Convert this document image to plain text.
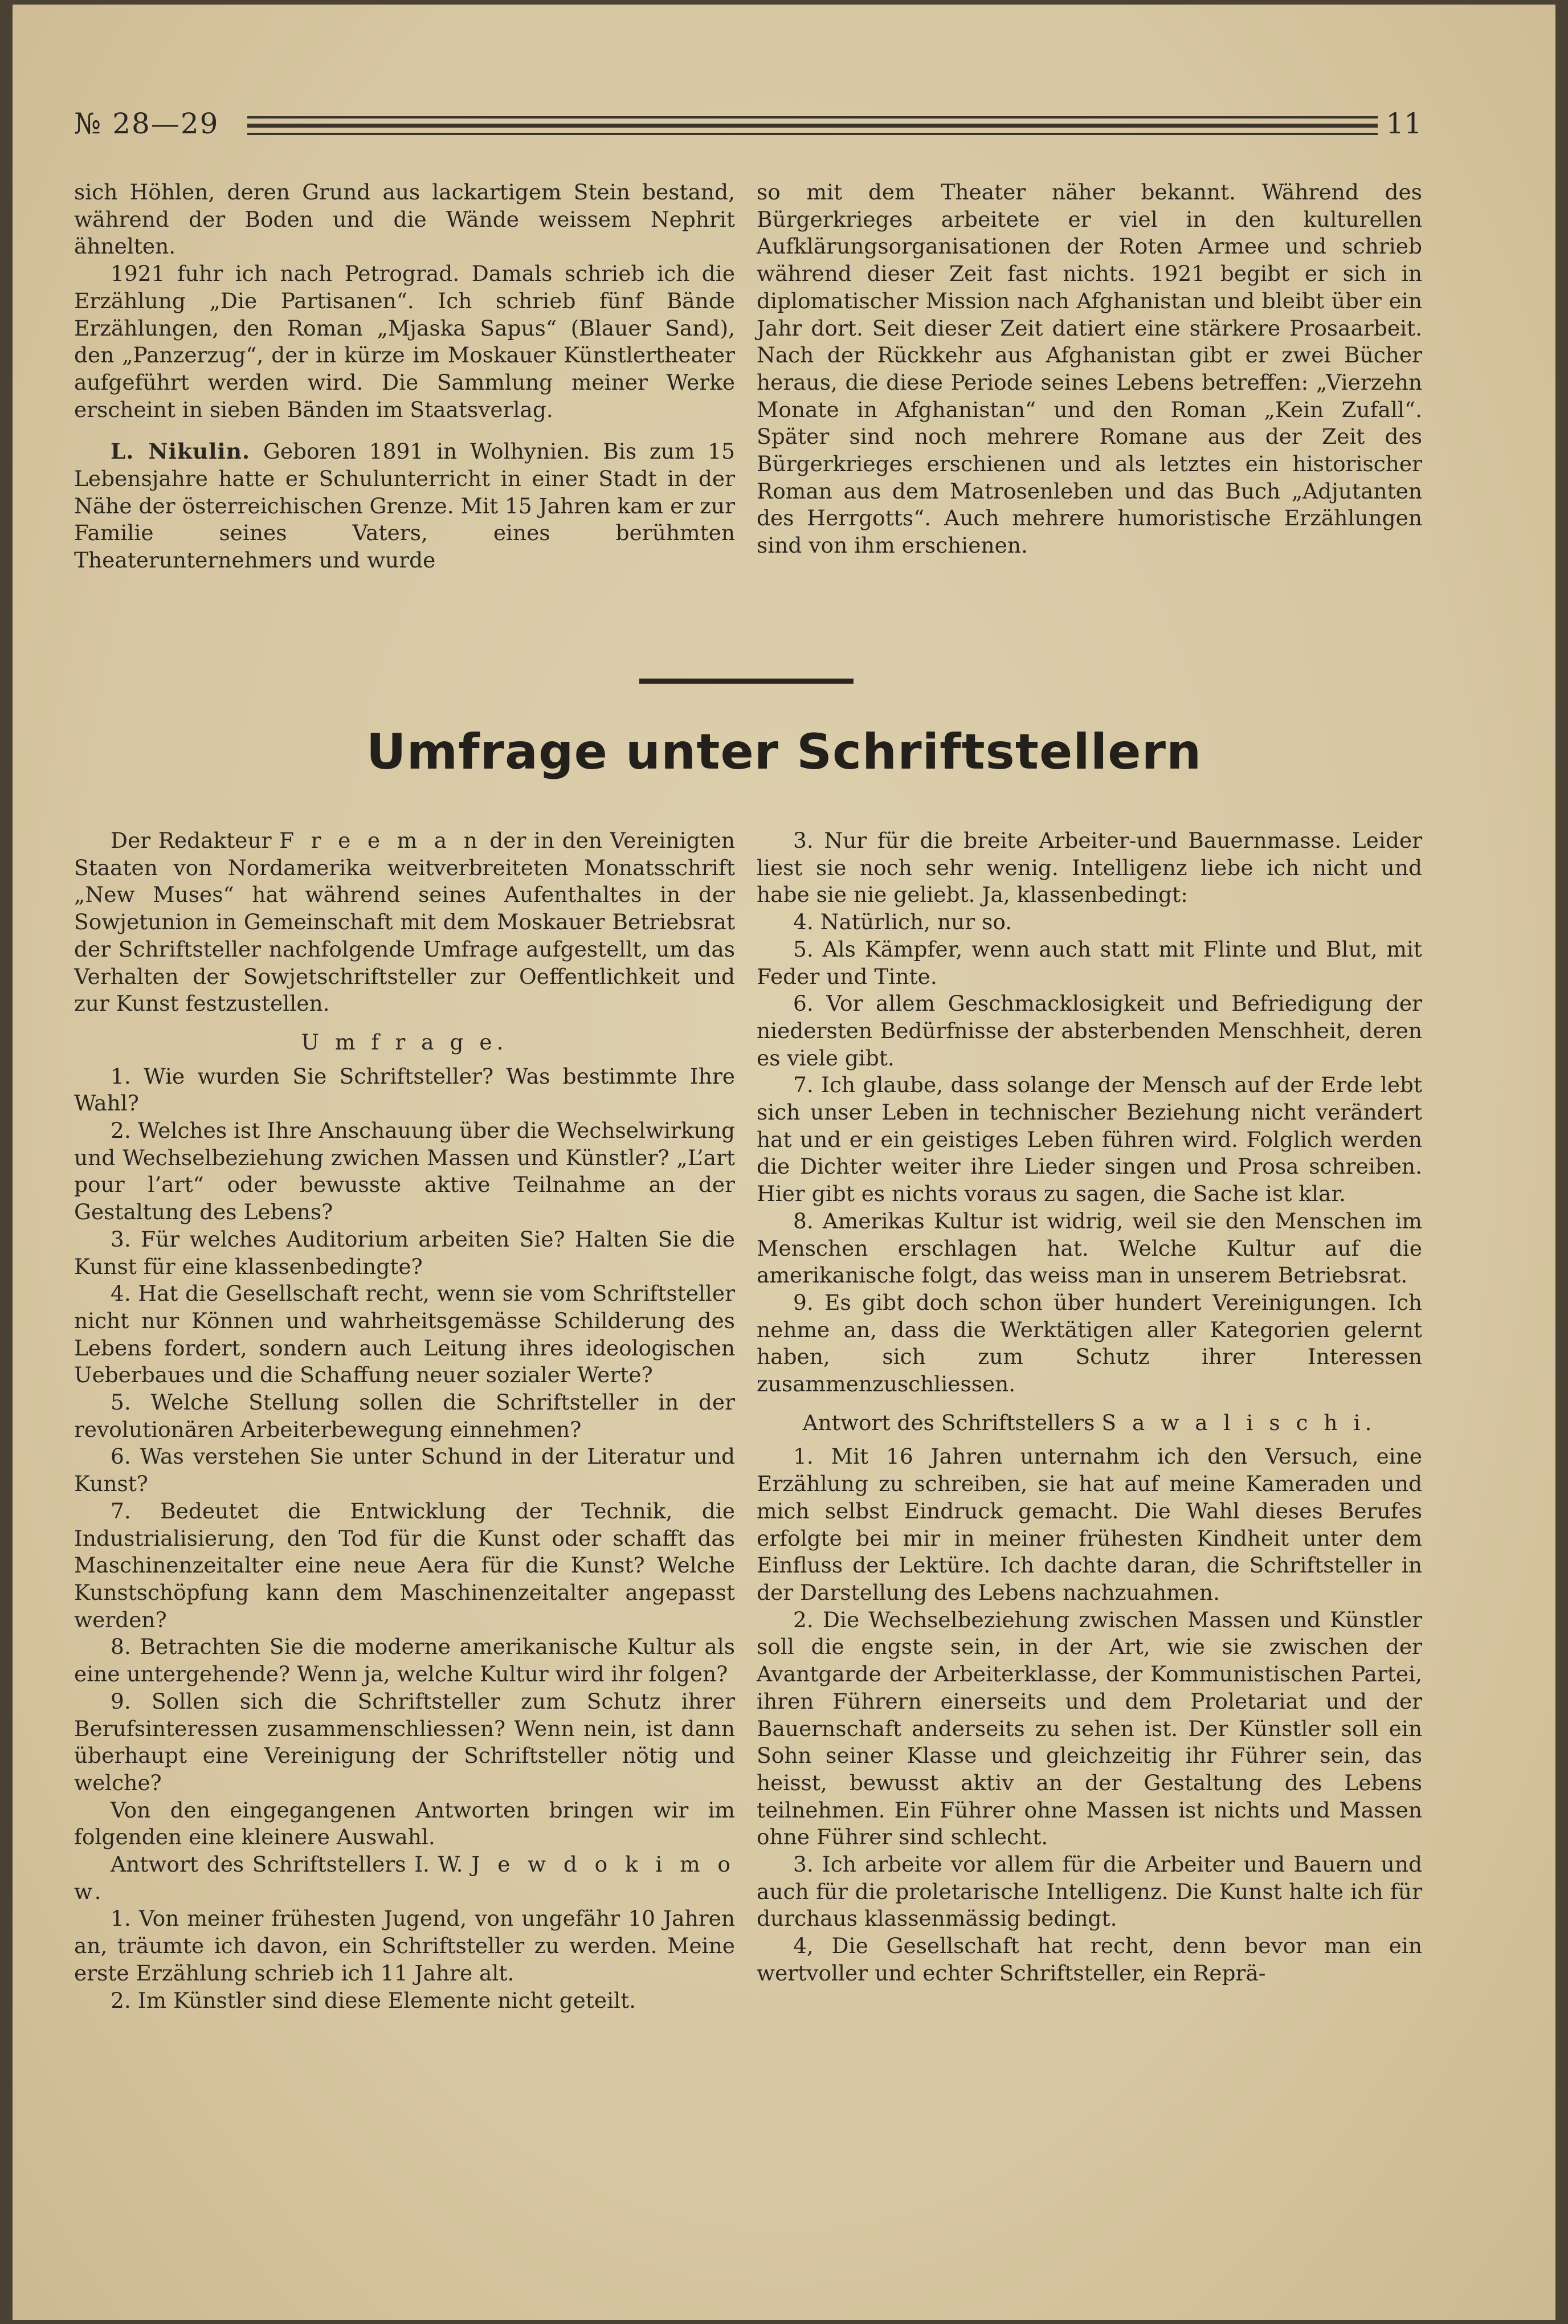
№ 28—29	11

sich Höhlen, deren Grund aus lackartigem Stein bestand, während der Boden und die Wände weissem Nephrit ähnelten.

1921 fuhr ich nach Petrograd. Damals schrieb ich die Erzählung „Die Partisanen“. Ich schrieb fünf Bände Erzählungen, den Roman „Mjaska Sapus“ (Blauer Sand), den „Panzerzug“, der in kürze im Moskauer Künstlertheater aufgeführt werden wird. Die Sammlung meiner Werke erscheint in sieben Bänden im Staatsverlag.

L. Nikulin. Geboren 1891 in Wolhynien. Bis zum 15 Lebensjahre hatte er Schulunterricht in einer Stadt in der Nähe der österreichischen Grenze. Mit 15 Jahren kam er zur Familie seines Vaters, eines berühmten Theaterunternehmers und wurde

so mit dem Theater näher bekannt. Während des Bürgerkrieges arbeitete er viel in den kulturellen Aufklärungsorganisationen der Roten Armee und schrieb während dieser Zeit fast nichts. 1921 begibt er sich in diplomatischer Mission nach Afghanistan und bleibt über ein Jahr dort. Seit dieser Zeit datiert eine stärkere Prosaarbeit. Nach der Rückkehr aus Afghanistan gibt er zwei Bücher heraus, die diese Periode seines Lebens betreffen: „Vierzehn Monate in Afghanistan“ und den Roman „Kein Zufall“. Später sind noch mehrere Romane aus der Zeit des Bürgerkrieges erschienen und als letztes ein historischer Roman aus dem Matrosenleben und das Buch „Adjutanten des Herrgotts“. Auch mehrere humoristische Erzählungen sind von ihm erschienen.

Umfrage unter Schriftstellern

Der Redakteur F r e e m a n der in den Vereinigten Staaten von Nordamerika weitverbreiteten Monatsschrift „New Muses“ hat während seines Aufenthaltes in der Sowjetunion in Gemeinschaft mit dem Moskauer Betriebsrat der Schriftsteller nachfolgende Umfrage aufgestellt, um das Verhalten der Sowjetschriftsteller zur Oeffentlichkeit und zur Kunst festzustellen.

U m f r a g e.

1. Wie wurden Sie Schriftsteller? Was bestimmte Ihre Wahl?

2. Welches ist Ihre Anschauung über die Wechselwirkung und Wechselbeziehung zwichen Massen und Künstler? „L’art pour l’art“ oder bewusste aktive Teilnahme an der Gestaltung des Lebens?

3. Für welches Auditorium arbeiten Sie? Halten Sie die Kunst für eine klassenbedingte?

4. Hat die Gesellschaft recht, wenn sie vom Schriftsteller nicht nur Können und wahrheitsgemässe Schilderung des Lebens fordert, sondern auch Leitung ihres ideologischen Ueberbaues und die Schaffung neuer sozialer Werte?

5. Welche Stellung sollen die Schriftsteller in der revolutionären Arbeiterbewegung einnehmen?

6. Was verstehen Sie unter Schund in der Literatur und Kunst?

7. Bedeutet die Entwicklung der Technik, die Industrialisierung, den Tod für die Kunst oder schafft das Maschinenzeitalter eine neue Aera für die Kunst? Welche Kunstschöpfung kann dem Maschinenzeitalter angepasst werden?

8. Betrachten Sie die moderne amerikanische Kultur als eine untergehende? Wenn ja, welche Kultur wird ihr folgen?

9. Sollen sich die Schriftsteller zum Schutz ihrer Berufsinteressen zusammenschliessen? Wenn nein, ist dann überhaupt eine Vereinigung der Schriftsteller nötig und welche?

Von den eingegangenen Antworten bringen wir im folgenden eine kleinere Auswahl.

Antwort des Schriftstellers I. W. J e w d o k i m o w.

1. Von meiner frühesten Jugend, von ungefähr 10 Jahren an, träumte ich davon, ein Schriftsteller zu werden. Meine erste Erzählung schrieb ich 11 Jahre alt.

2. Im Künstler sind diese Elemente nicht geteilt.

3. Nur für die breite Arbeiter-und Bauernmasse. Leider liest sie noch sehr wenig. Intelligenz liebe ich nicht und habe sie nie geliebt. Ja, klassenbedingt:

4. Natürlich, nur so.

5. Als Kämpfer, wenn auch statt mit Flinte und Blut, mit Feder und Tinte.

6. Vor allem Geschmacklosigkeit und Befriedigung der niedersten Bedürfnisse der absterbenden Menschheit, deren es viele gibt.

7. Ich glaube, dass solange der Mensch auf der Erde lebt sich unser Leben in technischer Beziehung nicht verändert hat und er ein geistiges Leben führen wird. Folglich werden die Dichter weiter ihre Lieder singen und Prosa schreiben. Hier gibt es nichts voraus zu sagen, die Sache ist klar.

8. Amerikas Kultur ist widrig, weil sie den Menschen im Menschen erschlagen hat. Welche Kultur auf die amerikanische folgt, das weiss man in unserem Betriebsrat.

9. Es gibt doch schon über hundert Vereinigungen. Ich nehme an, dass die Werktätigen aller Kategorien gelernt haben, sich zum Schutz ihrer Interessen zusammenzuschliessen.

Antwort des Schriftstellers S a w a l i s c h i.

1. Mit 16 Jahren unternahm ich den Versuch, eine Erzählung zu schreiben, sie hat auf meine Kameraden und mich selbst Eindruck gemacht. Die Wahl dieses Berufes erfolgte bei mir in meiner frühesten Kindheit unter dem Einfluss der Lektüre. Ich dachte daran, die Schriftsteller in der Darstellung des Lebens nachzuahmen.

2. Die Wechselbeziehung zwischen Massen und Künstler soll die engste sein, in der Art, wie sie zwischen der Avantgarde der Arbeiterklasse, der Kommunistischen Partei, ihren Führern einerseits und dem Proletariat und der Bauernschaft anderseits zu sehen ist. Der Künstler soll ein Sohn seiner Klasse und gleichzeitig ihr Führer sein, das heisst, bewusst aktiv an der Gestaltung des Lebens teilnehmen. Ein Führer ohne Massen ist nichts und Massen ohne Führer sind schlecht.

3. Ich arbeite vor allem für die Arbeiter und Bauern und auch für die proletarische Intelligenz. Die Kunst halte ich für durchaus klassenmässig bedingt.

4, Die Gesellschaft hat recht, denn bevor man ein wertvoller und echter Schriftsteller, ein Reprä-
